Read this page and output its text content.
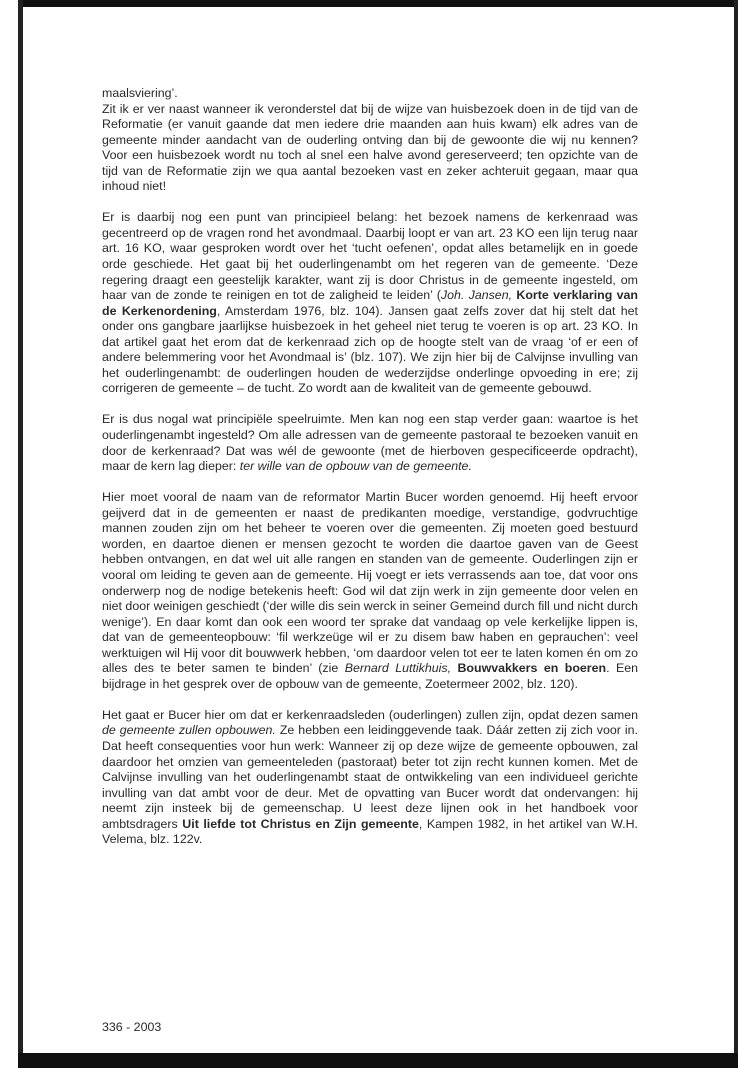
maalsviering’.
Zit ik er ver naast wanneer ik veronderstel dat bij de wijze van huisbezoek doen in de tijd van de Reformatie (er vanuit gaande dat men iedere drie maanden aan huis kwam) elk adres van de gemeente minder aandacht van de ouderling ontving dan bij de gewoonte die wij nu kennen? Voor een huisbezoek wordt nu toch al snel een halve avond gereserveerd; ten opzichte van de tijd van de Reformatie zijn we qua aantal bezoeken vast en zeker achteruit gegaan, maar qua inhoud niet!

Er is daarbij nog een punt van principieel belang: het bezoek namens de kerkenraad was gecentreerd op de vragen rond het avondmaal. Daarbij loopt er van art. 23 KO een lijn terug naar art. 16 KO, waar gesproken wordt over het ‘tucht oefenen’, opdat alles betamelijk en in goede orde geschiede. Het gaat bij het ouderlingenambt om het regeren van de gemeente. ‘Deze regering draagt een geestelijk karakter, want zij is door Christus in de gemeente ingesteld, om haar van de zonde te reinigen en tot de zaligheid te leiden’ (Joh. Jansen, Korte verklaring van de Kerkenordening, Amsterdam 1976, blz. 104). Jansen gaat zelfs zover dat hij stelt dat het onder ons gangbare jaarlijkse huisbezoek in het geheel niet terug te voeren is op art. 23 KO. In dat artikel gaat het erom dat de kerkenraad zich op de hoogte stelt van de vraag ‘of er een of andere belemmering voor het Avondmaal is’ (blz. 107). We zijn hier bij de Calvijnse invulling van het ouderlingenambt: de ouderlingen houden de wederzijdse onderlinge opvoeding in ere; zij corrigeren de gemeente – de tucht. Zo wordt aan de kwaliteit van de gemeente gebouwd.

Er is dus nogal wat principiële speelruimte. Men kan nog een stap verder gaan: waartoe is het ouderlingenambt ingesteld? Om alle adressen van de gemeente pastoraal te bezoeken vanuit en door de kerkenraad? Dat was wél de gewoonte (met de hierboven gespecificeerde opdracht), maar de kern lag dieper: ter wille van de opbouw van de gemeente.

Hier moet vooral de naam van de reformator Martin Bucer worden genoemd. Hij heeft ervoor geijverd dat in de gemeenten er naast de predikanten moedige, verstandige, godvruchtige mannen zouden zijn om het beheer te voeren over die gemeenten. Zij moeten goed bestuurd worden, en daartoe dienen er mensen gezocht te worden die daartoe gaven van de Geest hebben ontvangen, en dat wel uit alle rangen en standen van de gemeente. Ouderlingen zijn er vooral om leiding te geven aan de gemeente. Hij voegt er iets verrassends aan toe, dat voor ons onderwerp nog de nodige betekenis heeft: God wil dat zijn werk in zijn gemeente door velen en niet door weinigen geschiedt (‘der wille dis sein werck in seiner Gemeind durch fill und nicht durch wenige’). En daar komt dan ook een woord ter sprake dat vandaag op vele kerkelijke lippen is, dat van de gemeenteopbouw: ‘fil werkzeüge wil er zu disem baw haben en geprauchen’: veel werktuigen wil Hij voor dit bouwwerk hebben, ‘om daardoor velen tot eer te laten komen én om zo alles des te beter samen te binden’ (zie Bernard Luttikhuis, Bouwvakkers en boeren. Een bijdrage in het gesprek over de opbouw van de gemeente, Zoetermeer 2002, blz. 120).

Het gaat er Bucer hier om dat er kerkenraadsleden (ouderlingen) zullen zijn, opdat dezen samen de gemeente zullen opbouwen. Ze hebben een leidinggevende taak. Dáár zetten zij zich voor in. Dat heeft consequenties voor hun werk: Wanneer zij op deze wijze de gemeente opbouwen, zal daardoor het omzien van gemeenteleden (pastoraat) beter tot zijn recht kunnen komen. Met de Calvijnse invulling van het ouderlingenambt staat de ontwikkeling van een individueel gerichte invulling van dat ambt voor de deur. Met de opvatting van Bucer wordt dat ondervangen: hij neemt zijn insteek bij de gemeenschap. U leest deze lijnen ook in het handboek voor ambtsdragers Uit liefde tot Christus en Zijn gemeente, Kampen 1982, in het artikel van W.H. Velema, blz. 122v.

336 - 2003
